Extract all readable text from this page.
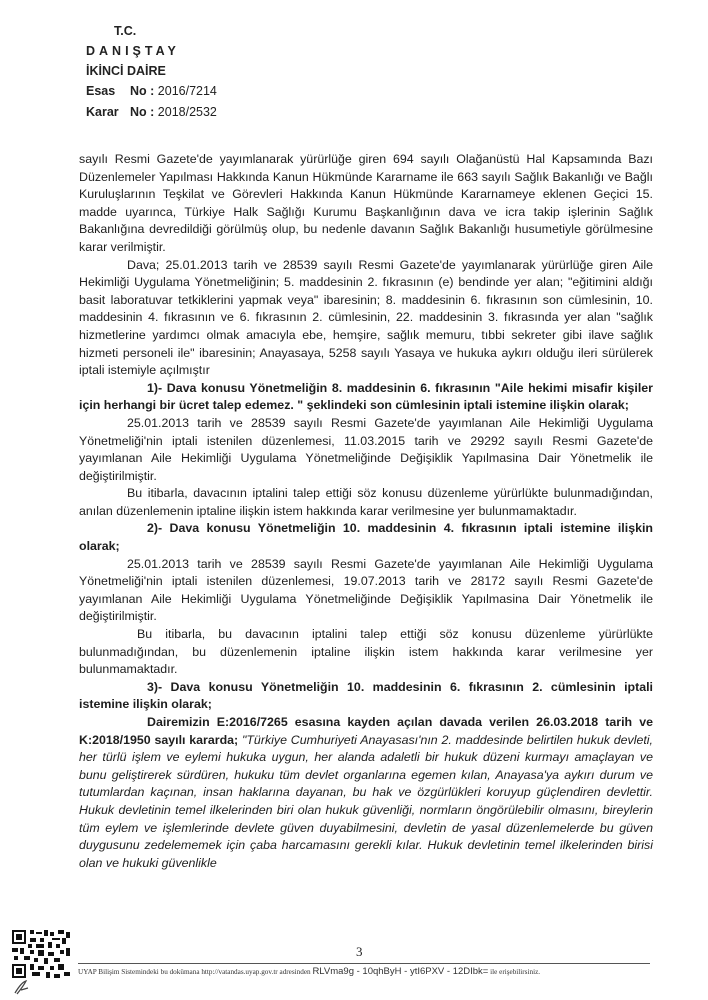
T.C.
DANIŞTAY
İKİNCİ DAİRE
Esas No : 2016/7214
Karar No : 2018/2532

sayılı Resmi Gazete'de yayımlanarak yürürlüğe giren 694 sayılı Olağanüstü Hal Kapsamında Bazı Düzenlemeler Yapılması Hakkında Kanun Hükmünde Kararname ile 663 sayılı Sağlık Bakanlığı ve Bağlı Kuruluşlarının Teşkilat ve Görevleri Hakkında Kanun Hükmünde Kararnameye eklenen Geçici 15. madde uyarınca, Türkiye Halk Sağlığı Kurumu Başkanlığının dava ve icra takip işlerinin Sağlık Bakanlığına devredildiği görülmüş olup, bu nedenle davanın Sağlık Bakanlığı husumetiyle görülmesine karar verilmiştir.

Dava; 25.01.2013 tarih ve 28539 sayılı Resmi Gazete'de yayımlanarak yürürlüğe giren Aile Hekimliği Uygulama Yönetmeliğinin; 5. maddesinin 2. fıkrasının (e) bendinde yer alan; "eğitimini aldığı basit laboratuvar tetkiklerini yapmak veya" ibaresinin; 8. maddesinin 6. fıkrasının son cümlesinin, 10. maddesinin 4. fıkrasının ve 6. fıkrasının 2. cümlesinin, 22. maddesinin 3. fıkrasında yer alan "sağlık hizmetlerine yardımcı olmak amacıyla ebe, hemşire, sağlık memuru, tıbbi sekreter gibi ilave sağlık hizmeti personeli ile" ibaresinin; Anayasaya, 5258 sayılı Yasaya ve hukuka aykırı olduğu ileri sürülerek iptali istemiyle açılmıştır

1)- Dava konusu Yönetmeliğin 8. maddesinin 6. fıkrasının "Aile hekimi misafir kişiler için herhangi bir ücret talep edemez. " şeklindeki son cümlesinin iptali istemine ilişkin olarak;

25.01.2013 tarih ve 28539 sayılı Resmi Gazete'de yayımlanan Aile Hekimliği Uygulama Yönetmeliği'nin iptali istenilen düzenlemesi, 11.03.2015 tarih ve 29292 sayılı Resmi Gazete'de yayımlanan Aile Hekimliği Uygulama Yönetmeliğinde Değişiklik Yapılmasina Dair Yönetmelik ile değiştirilmiştir.

Bu itibarla, davacının iptalini talep ettiği söz konusu düzenleme yürürlükte bulunmadığından, anılan düzenlemenin iptaline ilişkin istem hakkında karar verilmesine yer bulunmamaktadır.

2)- Dava konusu Yönetmeliğin 10. maddesinin 4. fıkrasının iptali istemine ilişkin olarak;

25.01.2013 tarih ve 28539 sayılı Resmi Gazete'de yayımlanan Aile Hekimliği Uygulama Yönetmeliği'nin iptali istenilen düzenlemesi, 19.07.2013 tarih ve 28172 sayılı Resmi Gazete'de yayımlanan Aile Hekimliği Uygulama Yönetmeliğinde Değişiklik Yapılmasina Dair Yönetmelik ile değiştirilmiştir.

Bu itibarla, bu davacının iptalini talep ettiği söz konusu düzenleme yürürlükte bulunmadığından, bu düzenlemenin iptaline ilişkin istem hakkında karar verilmesine yer bulunmamaktadır.

3)- Dava konusu Yönetmeliğin 10. maddesinin 6. fıkrasının 2. cümlesinin iptali istemine ilişkin olarak;

Dairemizin E:2016/7265 esasına kayden açılan davada verilen 26.03.2018 tarih ve K:2018/1950 sayılı kararda; "Türkiye Cumhuriyeti Anayasası'nın 2. maddesinde belirtilen hukuk devleti, her türlü işlem ve eylemi hukuka uygun, her alanda adaletli bir hukuk düzeni kurmayı amaçlayan ve bunu geliştirerek sürdüren, hukuku tüm devlet organlarına egemen kılan, Anayasa'ya aykırı durum ve tutumlardan kaçınan, insan haklarına dayanan, bu hak ve özgürlükleri koruyup güçlendiren devlettir. Hukuk devletinin temel ilkelerinden biri olan hukuk güvenliği, normların öngörülebilir olmasını, bireylerin tüm eylem ve işlemlerinde devlete güven duyabilmesini, devletin de yasal düzenlemelerde bu güven duygusunu zedelememek için çaba harcamasını gerekli kılar. Hukuk devletinin temel ilkelerinden birisi olan ve hukuki güvenlikle

3
UYAP Bilişim Sistemindeki bu dokümana http://vatandas.uyap.gov.tr adresinden RLVma9g - 10qhByH - ytI6PXV - 12DIbk= ile erişebilirsiniz.
